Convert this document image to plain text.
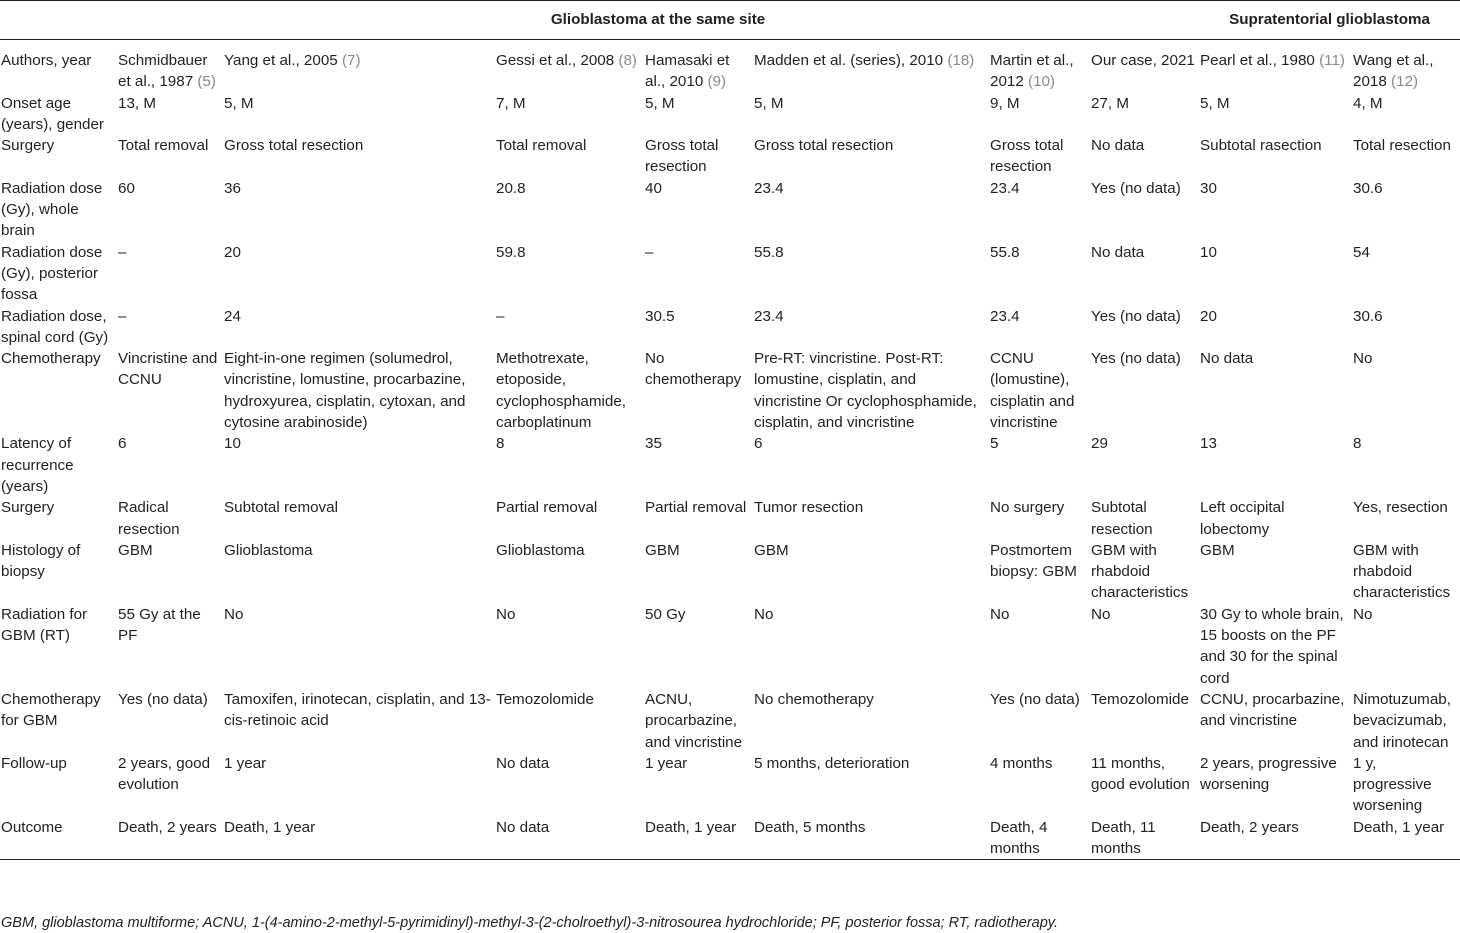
	Glioblastoma at the same site							Supratentorial glioblastoma	
Authors, year	Schmidbauer et al., 1987 (5)	Yang et al., 2005 (7)	Gessi et al., 2008 (8)	Hamasaki et al., 2010 (9)	Madden et al. (series), 2010 (18)	Martin et al., 2012 (10)	Our case, 2021	Pearl et al., 1980 (11)	Wang et al., 2018 (12)
Onset age (years), gender	13, M	5, M	7, M	5, M	5, M	9, M	27, M	5, M	4, M
Surgery	Total removal	Gross total resection	Total removal	Gross total resection	Gross total resection	Gross total resection	No data	Subtotal rasection	Total resection
Radiation dose (Gy), whole brain	60	36	20.8	40	23.4	23.4	Yes (no data)	30	30.6
Radiation dose (Gy), posterior fossa	–	20	59.8	–	55.8	55.8	No data	10	54
Radiation dose, spinal cord (Gy)	–	24	–	30.5	23.4	23.4	Yes (no data)	20	30.6
Chemotherapy	Vincristine and CCNU	Eight-in-one regimen (solumedrol, vincristine, lomustine, procarbazine, hydroxyurea, cisplatin, cytoxan, and cytosine arabinoside)	Methotrexate, etoposide, cyclophosphamide, carboplatinum	No chemotherapy	Pre-RT: vincristine. Post-RT: lomustine, cisplatin, and vincristine Or cyclophosphamide, cisplatin, and vincristine	CCNU (lomustine), cisplatin and vincristine	Yes (no data)	No data	No
Latency of recurrence (years)	6	10	8	35	6	5	29	13	8
Surgery	Radical resection	Subtotal removal	Partial removal	Partial removal	Tumor resection	No surgery	Subtotal resection	Left occipital lobectomy	Yes, resection
Histology of biopsy	GBM	Glioblastoma	Glioblastoma	GBM	GBM	Postmortem biopsy: GBM	GBM with rhabdoid characteristics	GBM	GBM with rhabdoid characteristics
Radiation for GBM (RT)	55 Gy at the PF	No	No	50 Gy	No	No	No	30 Gy to whole brain, 15 boosts on the PF and 30 for the spinal cord	No
Chemotherapy for GBM	Yes (no data)	Tamoxifen, irinotecan, cisplatin, and 13-cis-retinoic acid	Temozolomide	ACNU, procarbazine, and vincristine	No chemotherapy	Yes (no data)	Temozolomide	CCNU, procarbazine, and vincristine	Nimotuzumab, bevacizumab, and irinotecan
Follow-up	2 years, good evolution	1 year	No data	1 year	5 months, deterioration	4 months	11 months, good evolution	2 years, progressive worsening	1 y, progressive worsening
Outcome	Death, 2 years	Death, 1 year	No data	Death, 1 year	Death, 5 months	Death, 4 months	Death, 11 months	Death, 2 years	Death, 1 year
GBM, glioblastoma multiforme; ACNU, 1-(4-amino-2-methyl-5-pyrimidinyl)-methyl-3-(2-cholroethyl)-3-nitrosourea hydrochloride; PF, posterior fossa; RT, radiotherapy.
